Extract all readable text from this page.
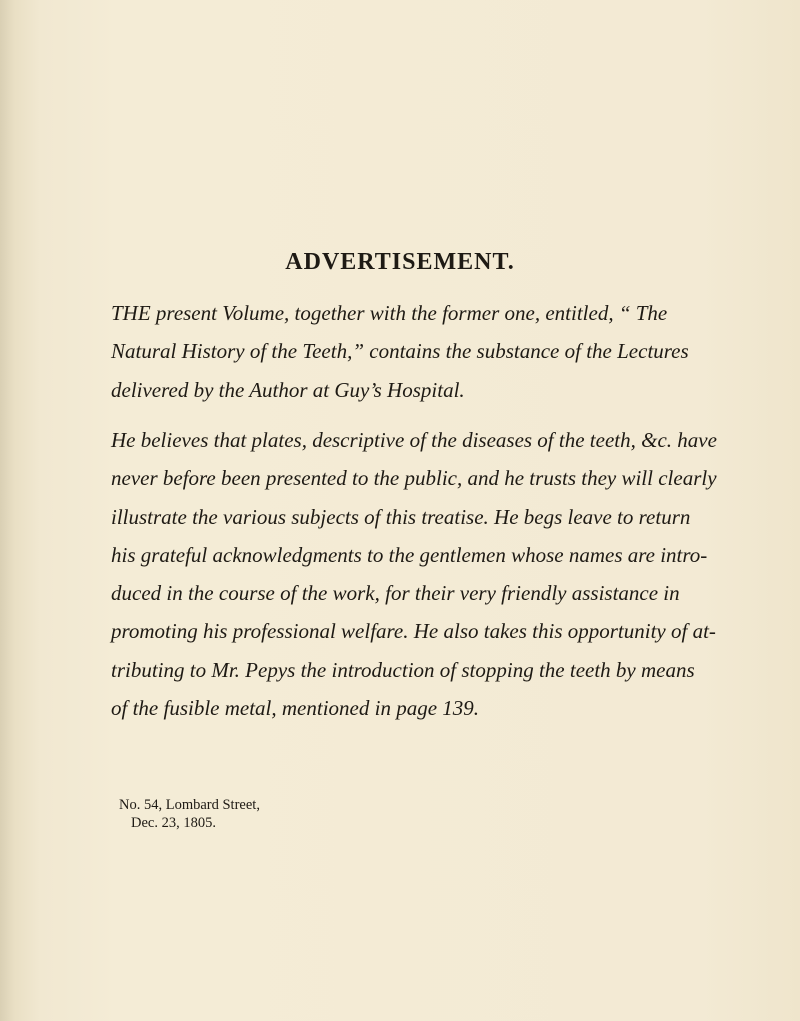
ADVERTISEMENT.

THE present Volume, together with the former one, entitled, “ The
Natural History of the Teeth,” contains the substance of the Lectures
delivered by the Author at Guy’s Hospital.

He believes that plates, descriptive of the diseases of the teeth, &c. have
never before been presented to the public, and he trusts they will clearly
illustrate the various subjects of this treatise. He begs leave to return
his grateful acknowledgments to the gentlemen whose names are intro-
duced in the course of the work, for their very friendly assistance in
promoting his professional welfare. He also takes this opportunity of at-
tributing to Mr. Pepys the introduction of stopping the teeth by means
of the fusible metal, mentioned in page 139.

No. 54, Lombard Street,
Dec. 23, 1805.
